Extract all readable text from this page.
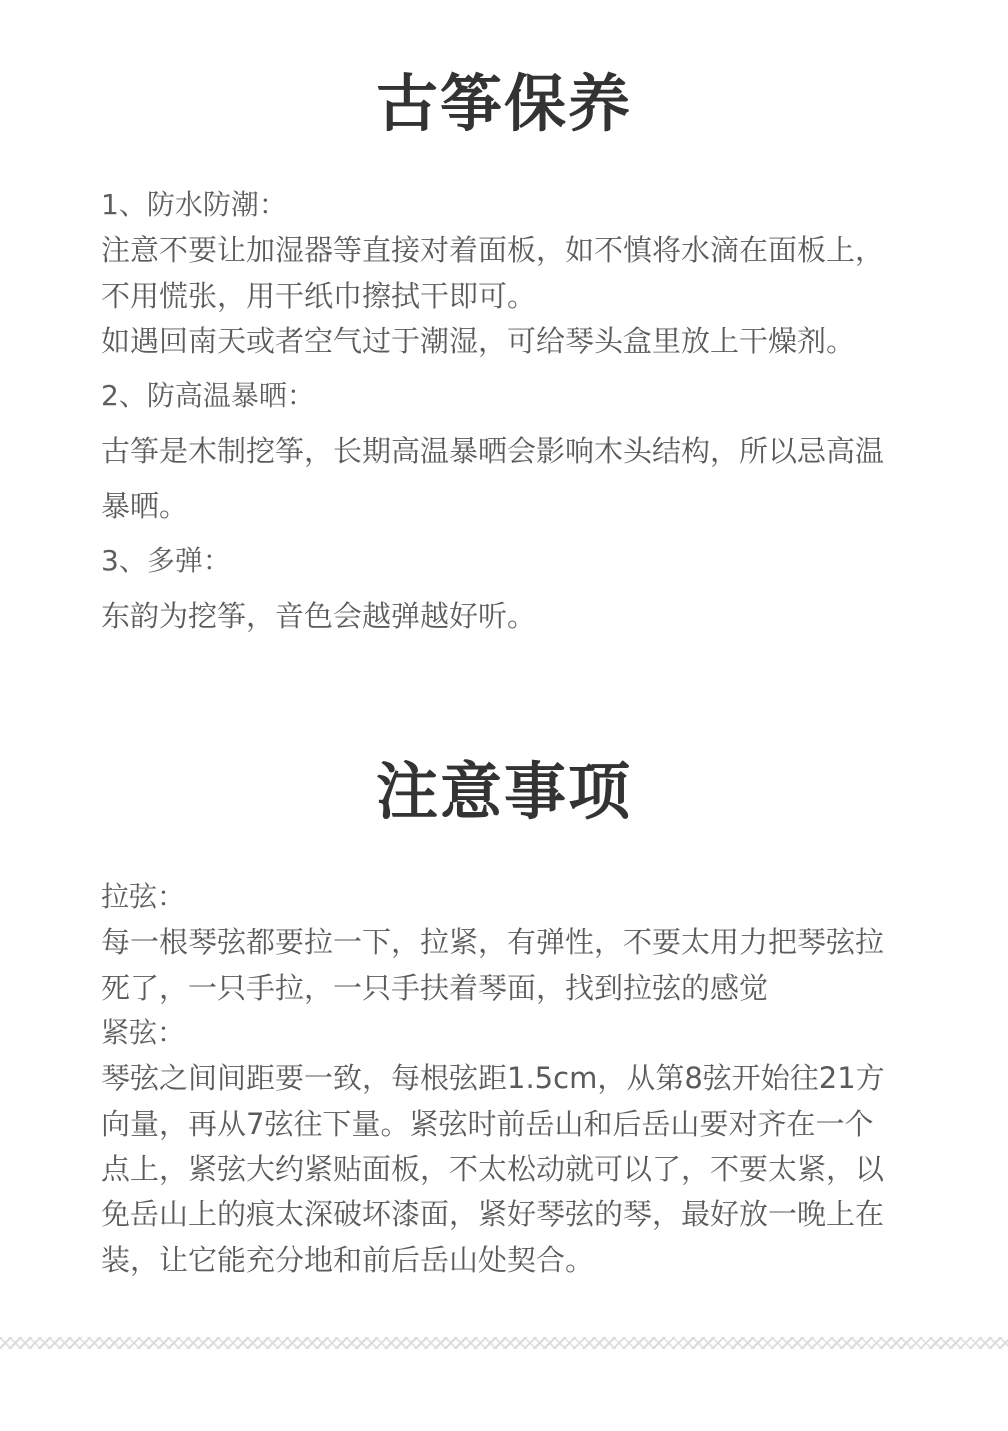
古筝保养

1、防水防潮：

注意不要让加湿器等直接对着面板，如不慎将水滴在面板上，

不用慌张，用干纸巾擦拭干即可。

如遇回南天或者空气过于潮湿，可给琴头盒里放上干燥剂。

2、防高温暴晒：

古筝是木制挖筝，长期高温暴晒会影响木头结构，所以忌高温

暴晒。

3、多弹：

东韵为挖筝，音色会越弹越好听。

注意事项

拉弦：

每一根琴弦都要拉一下，拉紧，有弹性，不要太用力把琴弦拉

死了，一只手拉，一只手扶着琴面，找到拉弦的感觉

紧弦：

琴弦之间间距要一致，每根弦距1.5cm，从第8弦开始往21方

向量，再从7弦往下量。紧弦时前岳山和后岳山要对齐在一个

点上，紧弦大约紧贴面板，不太松动就可以了，不要太紧，以

免岳山上的痕太深破坏漆面，紧好琴弦的琴，最好放一晚上在

装，让它能充分地和前后岳山处契合。
